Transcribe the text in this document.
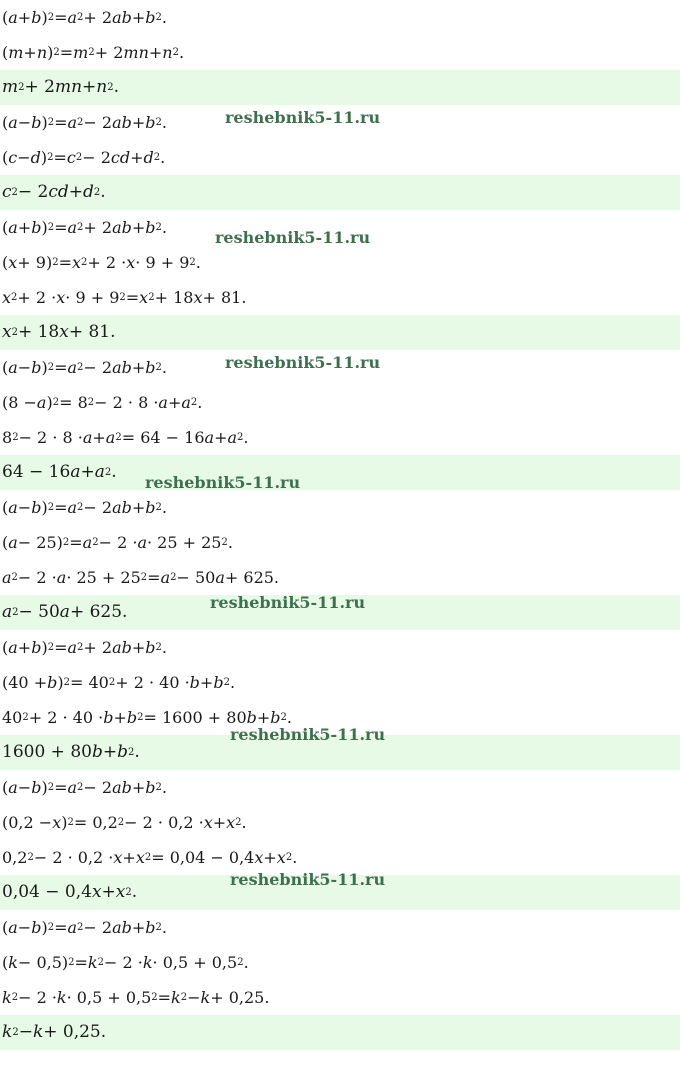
( a + b ) 2 = a 2 + 2 ab + b 2 .
( m + n ) 2 = m 2 + 2 mn + n 2 .
m 2 + 2 mn + n 2 .
( a − b ) 2 = a 2 − 2 ab + b 2 .
( c − d ) 2 = c 2 − 2 cd + d 2 .
c 2 − 2 cd + d 2 .
( a + b ) 2 = a 2 + 2 ab + b 2 .
( x + 9) 2 = x 2 + 2 · x · 9 + 9 2 .
x 2 + 2 · x · 9 + 9 2 = x 2 + 18 x + 81.
x 2 + 18 x + 81.
( a − b ) 2 = a 2 − 2 ab + b 2 .
(8 − a ) 2 = 8 2 − 2 · 8 · a + a 2 .
8 2 − 2 · 8 · a + a 2 = 64 − 16 a + a 2 .
64 − 16 a + a 2 .
( a − b ) 2 = a 2 − 2 ab + b 2 .
( a − 25) 2 = a 2 − 2 · a · 25 + 25 2 .
a 2 − 2 · a · 25 + 25 2 = a 2 − 50 a + 625.
a 2 − 50 a + 625.
( a + b ) 2 = a 2 + 2 ab + b 2 .
(40 + b ) 2 = 40 2 + 2 · 40 · b + b 2 .
40 2 + 2 · 40 · b + b 2 = 1600 + 80 b + b 2 .
1600 + 80 b + b 2 .
( a − b ) 2 = a 2 − 2 ab + b 2 .
(0,2 − x ) 2 = 0,2 2 − 2 · 0,2 · x + x 2 .
0,2 2 − 2 · 0,2 · x + x 2 = 0,04 − 0,4 x + x 2 .
0,04 − 0,4 x + x 2 .
( a − b ) 2 = a 2 − 2 ab + b 2 .
( k − 0,5) 2 = k 2 − 2 · k · 0,5 + 0,5 2 .
k 2 − 2 · k · 0,5 + 0,5 2 = k 2 − k + 0,25.
k 2 − k + 0,25.
reshebnik5-11.ru
reshebnik5-11.ru
reshebnik5-11.ru
reshebnik5-11.ru
reshebnik5-11.ru
reshebnik5-11.ru
reshebnik5-11.ru
